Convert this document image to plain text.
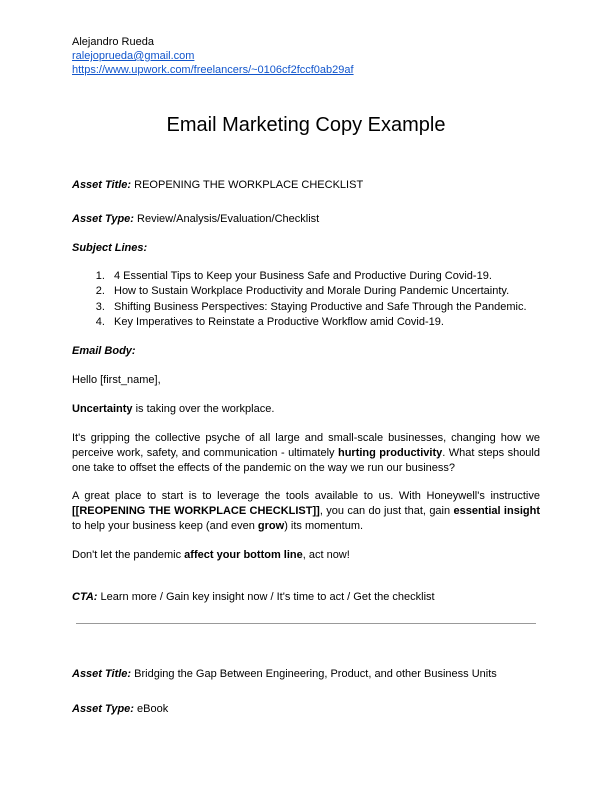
Alejandro Rueda
ralejoprueda@gmail.com
https://www.upwork.com/freelancers/~0106cf2fccf0ab29af
Email Marketing Copy Example
Asset Title: REOPENING THE WORKPLACE CHECKLIST
Asset Type: Review/Analysis/Evaluation/Checklist
Subject Lines:
1. 4 Essential Tips to Keep your Business Safe and Productive During Covid-19.
2. How to Sustain Workplace Productivity and Morale During Pandemic Uncertainty.
3. Shifting Business Perspectives: Staying Productive and Safe Through the Pandemic.
4. Key Imperatives to Reinstate a Productive Workflow amid Covid-19.
Email Body:
Hello [first_name],
Uncertainty is taking over the workplace.
It's gripping the collective psyche of all large and small-scale businesses, changing how we perceive work, safety, and communication - ultimately hurting productivity. What steps should one take to offset the effects of the pandemic on the way we run our business?
A great place to start is to leverage the tools available to us. With Honeywell's instructive [[REOPENING THE WORKPLACE CHECKLIST]], you can do just that, gain essential insight to help your business keep (and even grow) its momentum.
Don't let the pandemic affect your bottom line, act now!
CTA: Learn more / Gain key insight now / It's time to act / Get the checklist
Asset Title: Bridging the Gap Between Engineering, Product, and other Business Units
Asset Type: eBook
